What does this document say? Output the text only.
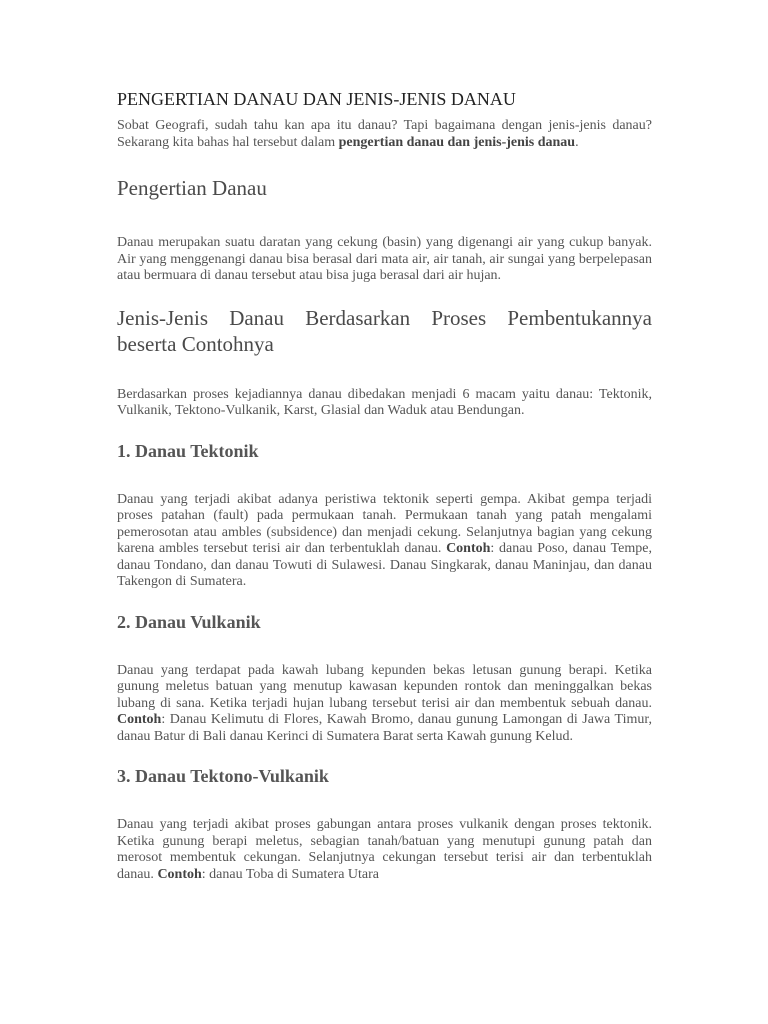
PENGERTIAN DANAU DAN JENIS-JENIS DANAU

Sobat Geografi, sudah tahu kan apa itu danau? Tapi bagaimana dengan jenis-jenis danau? Sekarang kita bahas hal tersebut dalam pengertian danau dan jenis-jenis danau.

Pengertian Danau

Danau merupakan suatu daratan yang cekung (basin) yang digenangi air yang cukup banyak. Air yang menggenangi danau bisa berasal dari mata air, air tanah, air sungai yang berpelepasan atau bermuara di danau tersebut atau bisa juga berasal dari air hujan.

Jenis-Jenis Danau Berdasarkan Proses Pembentukannya beserta Contohnya

Berdasarkan proses kejadiannya danau dibedakan menjadi 6 macam yaitu danau: Tektonik, Vulkanik, Tektono-Vulkanik, Karst, Glasial dan Waduk atau Bendungan.

1. Danau Tektonik

Danau yang terjadi akibat adanya peristiwa tektonik seperti gempa. Akibat gempa terjadi proses patahan (fault) pada permukaan tanah. Permukaan tanah yang patah mengalami pemerosotan atau ambles (subsidence) dan menjadi cekung. Selanjutnya bagian yang cekung karena ambles tersebut terisi air dan terbentuklah danau. Contoh: danau Poso, danau Tempe, danau Tondano, dan danau Towuti di Sulawesi. Danau Singkarak, danau Maninjau, dan danau Takengon di Sumatera.

2. Danau Vulkanik

Danau yang terdapat pada kawah lubang kepunden bekas letusan gunung berapi. Ketika gunung meletus batuan yang menutup kawasan kepunden rontok dan meninggalkan bekas lubang di sana. Ketika terjadi hujan lubang tersebut terisi air dan membentuk sebuah danau. Contoh: Danau Kelimutu di Flores, Kawah Bromo, danau gunung Lamongan di Jawa Timur, danau Batur di Bali danau Kerinci di Sumatera Barat serta Kawah gunung Kelud.

3. Danau Tektono-Vulkanik

Danau yang terjadi akibat proses gabungan antara proses vulkanik dengan proses tektonik. Ketika gunung berapi meletus, sebagian tanah/batuan yang menutupi gunung patah dan merosot membentuk cekungan. Selanjutnya cekungan tersebut terisi air dan terbentuklah danau. Contoh: danau Toba di Sumatera Utara
